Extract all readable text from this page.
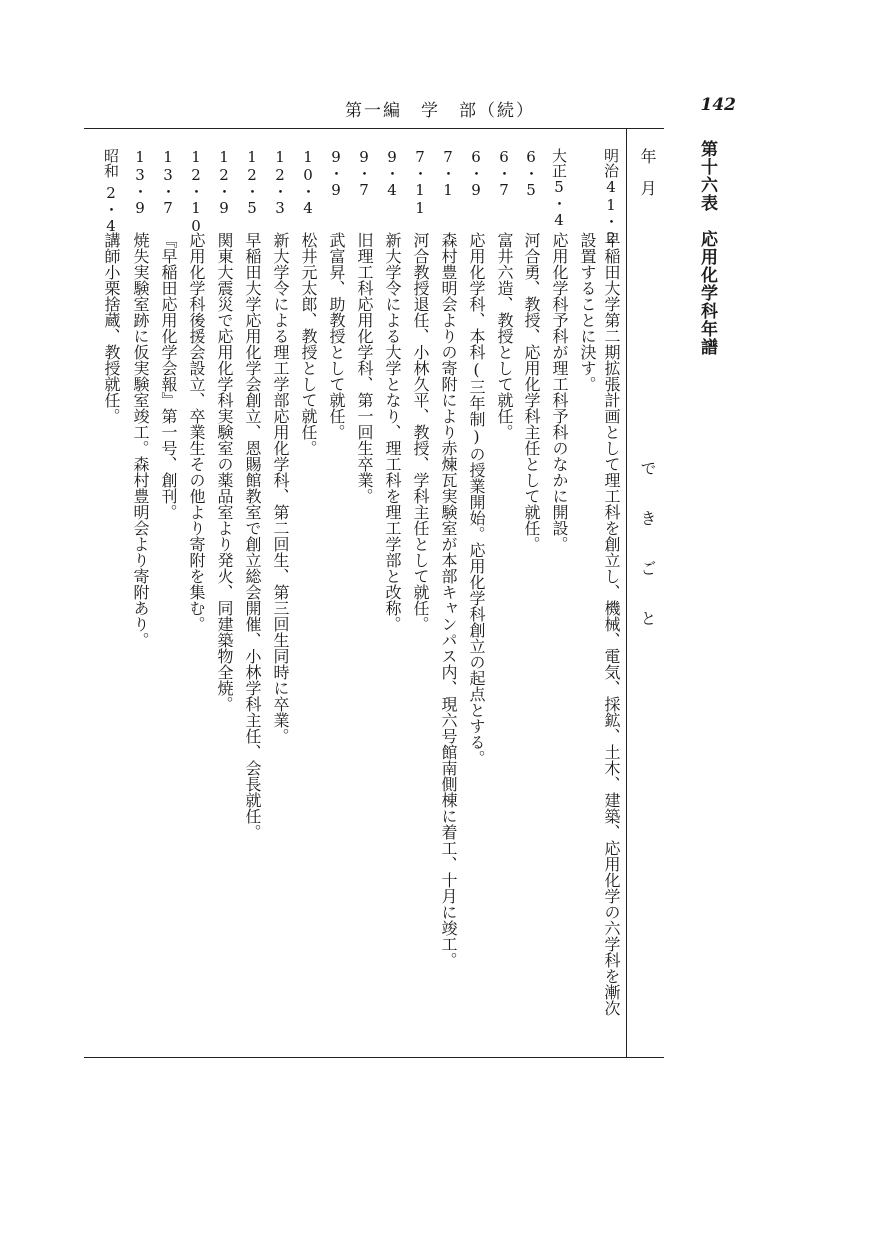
第一編　学　部（続）	142
第十六表　応用化学科年譜
年　月
できごと
明治41・2
早稲田大学第二期拡張計画として理工科を創立し、機械、電気、採鉱、土木、建築、応用化学の六学科を漸次
設置することに決す。
大正5・4
応用化学科予科が理工科予科のなかに開設。
6・5
河合勇、教授、応用化学科主任として就任。
6・7
富井六造、教授として就任。
6・9
応用化学科、本科(三年制)の授業開始。応用化学科創立の起点とする。
7・1
森村豊明会よりの寄附により赤煉瓦実験室が本部キャンパス内、現六号館南側棟に着工、十月に竣工。
7・11
河合教授退任、小林久平、教授、学科主任として就任。
9・4
新大学令による大学となり、理工科を理工学部と改称。
9・7
旧理工科応用化学科、第一回生卒業。
9・9
武富昇、助教授として就任。
10・4
松井元太郎、教授として就任。
12・3
新大学令による理工学部応用化学科、第二回生、第三回生同時に卒業。
12・5
早稲田大学応用化学会創立、恩賜館教室で創立総会開催、小林学科主任、会長就任。
12・9
関東大震災で応用化学科実験室の薬品室より発火、同建築物全焼。
12・10
応用化学科後援会設立、卒業生その他より寄附を集む。
13・7
『早稲田応用化学会報』第一号、創刊。
13・9
焼失実験室跡に仮実験室竣工。森村豊明会より寄附あり。
昭和
2・4
講師小栗捨蔵、教授就任。
